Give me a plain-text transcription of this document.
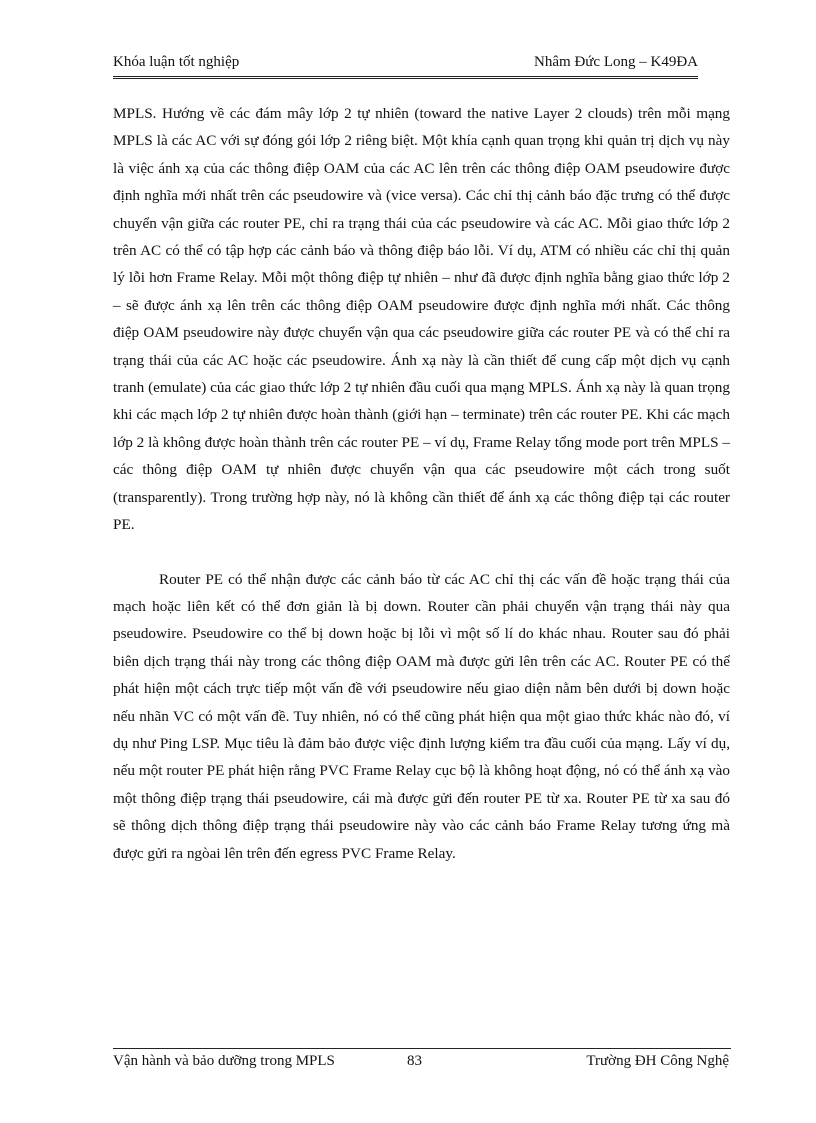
Khóa luận tốt nghiệp	Nhâm Đức Long – K49ĐA

MPLS. Hướng về các đám mây lớp 2 tự nhiên (toward the native Layer 2 clouds) trên mỗi mạng MPLS là các AC với sự đóng gói lớp 2 riêng biệt. Một khía cạnh quan trọng khi quản trị dịch vụ này là việc ánh xạ của các thông điệp OAM của các AC lên trên các thông điệp OAM pseudowire được định nghĩa mới nhất trên các pseudowire và (vice versa). Các chỉ thị cảnh báo đặc trưng có thể được chuyển vận giữa các router PE, chỉ ra trạng thái của các pseudowire và các AC. Mỗi giao thức lớp 2 trên AC có thể có tập hợp các cảnh báo và thông điệp báo lỗi. Ví dụ, ATM có nhiều các chỉ thị quản lý lỗi hơn Frame Relay. Mỗi một thông điệp tự nhiên – như đã được định nghĩa bằng giao thức lớp 2 – sẽ được ánh xạ lên trên các thông điệp OAM pseudowire được định nghĩa mới nhất. Các thông điệp OAM pseudowire này được chuyển vận qua các pseudowire giữa các router PE và có thể chỉ ra trạng thái của các AC hoặc các pseudowire. Ánh xạ này là cần thiết để cung cấp một dịch vụ cạnh tranh (emulate) của các giao thức lớp 2 tự nhiên đầu cuối qua mạng MPLS. Ánh xạ này là quan trọng khi các mạch lớp 2 tự nhiên được hoàn thành (giới hạn – terminate) trên các router PE. Khi các mạch lớp 2 là không được hoàn thành trên các router PE – ví dụ, Frame Relay tổng mode port trên MPLS – các thông điệp OAM tự nhiên được chuyển vận qua các pseudowire một cách trong suốt (transparently). Trong trường hợp này, nó là không cần thiết để ánh xạ các thông điệp tại các router PE.

Router PE có thể nhận được các cảnh báo từ các AC chỉ thị các vấn đề hoặc trạng thái của mạch hoặc liên kết có thể đơn giản là bị down. Router cần phải chuyển vận trạng thái này qua pseudowire. Pseudowire co thể bị down hoặc bị lỗi vì một số lí do khác nhau. Router sau đó phải biên dịch trạng thái này trong các thông điệp OAM mà được gửi lên trên các AC. Router PE có thể phát hiện một cách trực tiếp một vấn đề với pseudowire nếu giao diện nằm bên dưới bị down hoặc nếu nhãn VC có một vấn đề. Tuy nhiên, nó có thể cũng phát hiện qua một giao thức khác nào đó, ví dụ như Ping LSP. Mục tiêu là đảm bảo được việc định lượng kiểm tra đầu cuối của mạng. Lấy ví dụ, nếu một router PE phát hiện rằng PVC Frame Relay cục bộ là không hoạt động, nó có thể ánh xạ vào một thông điệp trạng thái pseudowire, cái mà được gửi đến router PE từ xa. Router PE từ xa sau đó sẽ thông dịch thông điệp trạng thái pseudowire này vào các cảnh báo Frame Relay tương ứng mà được gửi ra ngòai lên trên đến egress PVC Frame Relay.

Vận hành và bảo dưỡng trong MPLS	83	Trường ĐH Công Nghệ
